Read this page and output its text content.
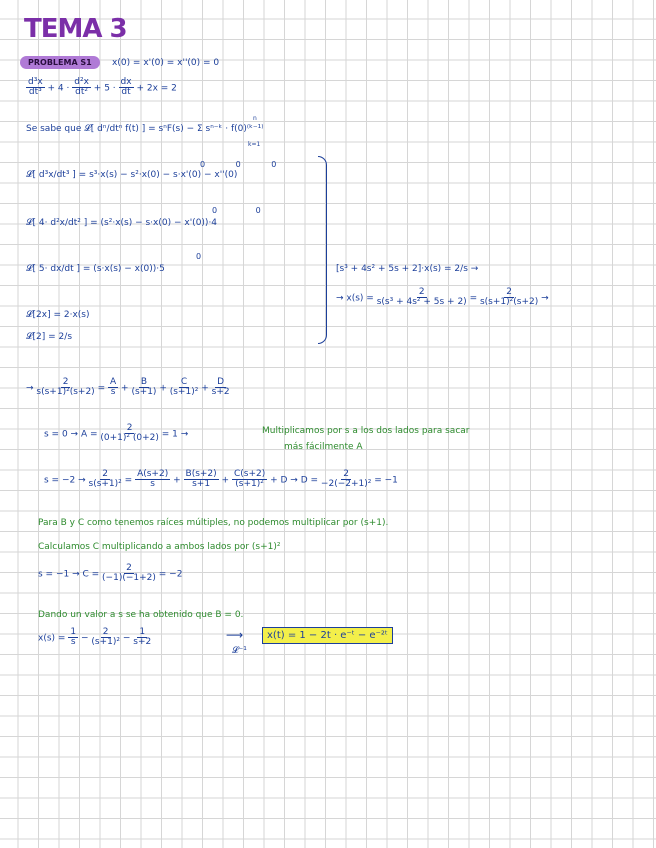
TEMA 3
PROBLEMA S1	x(0) = x'(0) = x''(0) = 0
$\frac{\text{d³x}}{\text{dt³}} + 4 \cdot \frac{\text{d²x}}{\text{dt²}} + 5 \cdot \frac{dx}{dt} + 2x = 2$
Se sabe que 𝓛[ dⁿ/dtⁿ f(t) ] = sⁿF(s) − Σ sⁿ⁻ᵏ · f(0)⁽ᵏ⁻¹⁾
n
k=1
𝓛[ d³x/dt³ ] = s³·x(s) − s²·x(0) − s·x'(0) − x''(0)
0 0 0
𝓛[ 4· d²x/dt² ] = (s²·x(s) − s·x(0) − x'(0))·4
0 0
𝓛[ 5· dx/dt ] = (s·x(s) − x(0))·5
0
𝓛[2x] = 2·x(s)
𝓛[2] = 2/s
[s³ + 4s² + 5s + 2]·x(s) = 2/s →
→ $x(s) = \frac{2}{\text{s(s³ + 4s² + 5s + 2)}} = \frac{2}{\text{s(s+1)²(s+2)}}$ →
→ $\frac{2}{\text{s(s+1)²(s+2)}} = \frac{A}{s} + \frac{B}{(s+1)} + \frac{C}{\text{(s+1)²}} + \frac{D}{s+2}$
$s = 0 \to A = \frac{2}{\text{(0+1)² (0+2)}} = 1$ →	Multiplicamos por s a los dos lados para sacar
más fácilmente A
$s = -2 \to \frac{2}{\text{s(s+1)²}} = \frac{A(s+2)}{s} + \frac{B(s+2)}{s+1} + \frac{C(s+2)}{\text{(s+1)²}} + D \to D = \frac{2}{\text{−2(−2+1)²}} = -1$
Para B y C como tenemos raíces múltiples, no podemos multiplicar por (s+1).
Calculamos C multiplicando a ambos lados por (s+1)²
$s = -1 \to C = \frac{2}{(-1)(-1+2)} = -2$
Dando un valor a s se ha obtenido que B = 0.
$x(s) = \frac{1}{s} - \frac{2}{\text{(s+1)²}} - \frac{1}{s+2}$
𝓛⁻¹
⟶	x(t) = 1 − 2t · e⁻ᵗ − e⁻²ᵗ
